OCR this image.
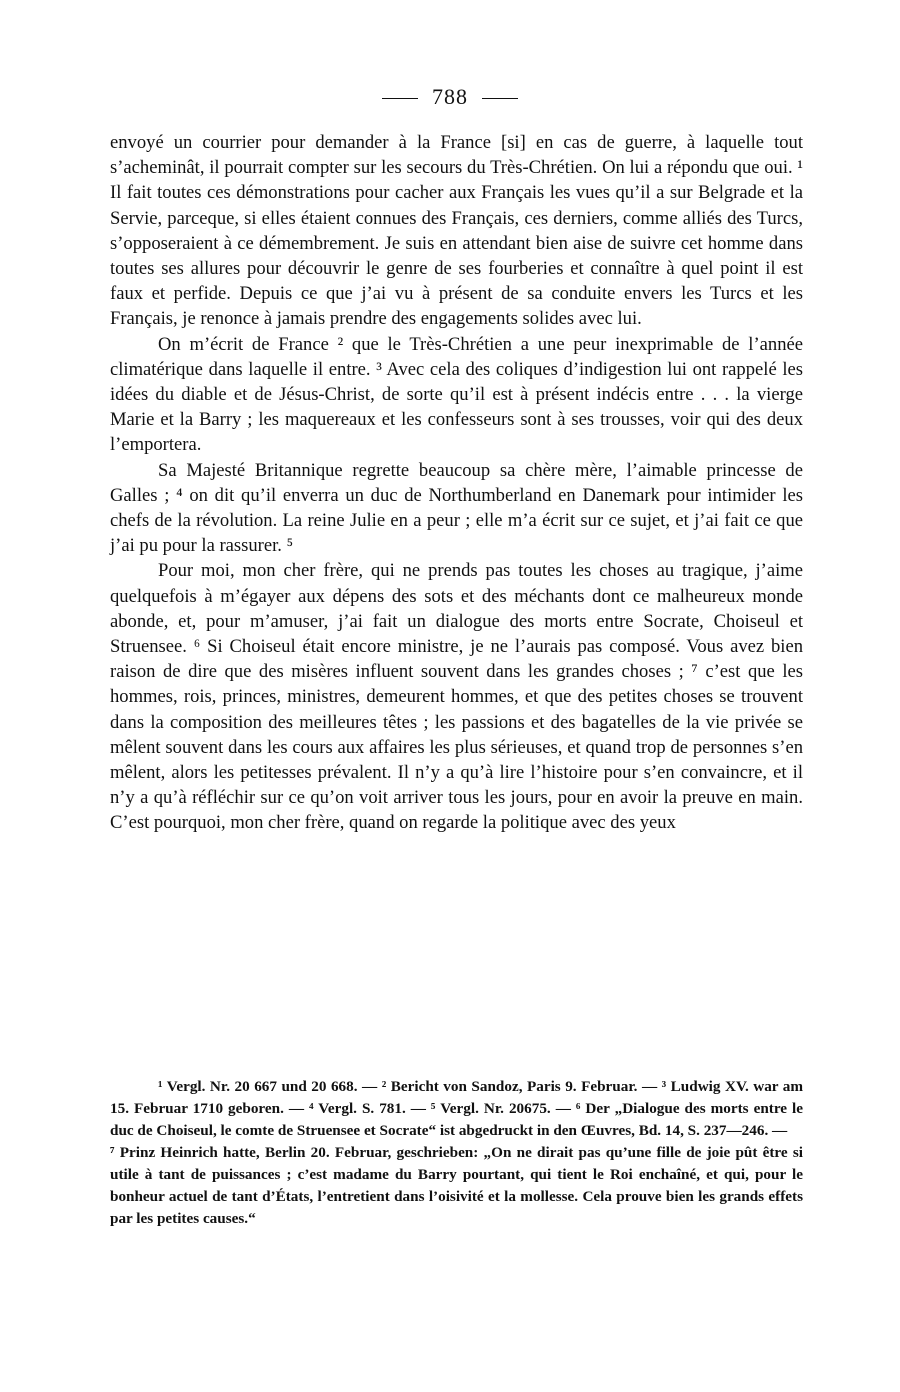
788

envoyé un courrier pour demander à la France [si] en cas de guerre, à laquelle tout s’acheminât, il pourrait compter sur les secours du Très-Chrétien. On lui a répondu que oui. ¹ Il fait toutes ces démonstrations pour cacher aux Français les vues qu’il a sur Belgrade et la Servie, parceque, si elles étaient connues des Français, ces derniers, comme alliés des Turcs, s’opposeraient à ce démembrement. Je suis en attendant bien aise de suivre cet homme dans toutes ses allures pour découvrir le genre de ses fourberies et connaître à quel point il est faux et perfide. Depuis ce que j’ai vu à présent de sa conduite envers les Turcs et les Français, je renonce à jamais prendre des engagements solides avec lui.

On m’écrit de France ² que le Très-Chrétien a une peur inexprimable de l’année climatérique dans laquelle il entre. ³ Avec cela des coliques d’indigestion lui ont rappelé les idées du diable et de Jésus-Christ, de sorte qu’il est à présent indécis entre . . . la vierge Marie et la Barry ; les maquereaux et les confesseurs sont à ses trousses, voir qui des deux l’emportera.

Sa Majesté Britannique regrette beaucoup sa chère mère, l’aimable princesse de Galles ; ⁴ on dit qu’il enverra un duc de Northumberland en Danemark pour intimider les chefs de la révolution. La reine Julie en a peur ; elle m’a écrit sur ce sujet, et j’ai fait ce que j’ai pu pour la rassurer. ⁵

Pour moi, mon cher frère, qui ne prends pas toutes les choses au tragique, j’aime quelquefois à m’égayer aux dépens des sots et des méchants dont ce malheureux monde abonde, et, pour m’amuser, j’ai fait un dialogue des morts entre Socrate, Choiseul et Struensee. ⁶ Si Choiseul était encore ministre, je ne l’aurais pas composé. Vous avez bien raison de dire que des misères influent souvent dans les grandes choses ; ⁷ c’est que les hommes, rois, princes, ministres, demeurent hommes, et que des petites choses se trouvent dans la composition des meilleures têtes ; les passions et des bagatelles de la vie privée se mêlent souvent dans les cours aux affaires les plus sérieuses, et quand trop de personnes s’en mêlent, alors les petitesses prévalent. Il n’y a qu’à lire l’histoire pour s’en convaincre, et il n’y a qu’à réfléchir sur ce qu’on voit arriver tous les jours, pour en avoir la preuve en main. C’est pourquoi, mon cher frère, quand on regarde la politique avec des yeux

¹ Vergl. Nr. 20 667 und 20 668. — ² Bericht von Sandoz, Paris 9. Februar. — ³ Ludwig XV. war am 15. Februar 1710 geboren. — ⁴ Vergl. S. 781. — ⁵ Vergl. Nr. 20675. — ⁶ Der „Dialogue des morts entre le duc de Choiseul, le comte de Struensee et Socrate“ ist abgedruckt in den Œuvres, Bd. 14, S. 237—246. —

⁷ Prinz Heinrich hatte, Berlin 20. Februar, geschrieben: „On ne dirait pas qu’une fille de joie pût être si utile à tant de puissances ; c’est madame du Barry pourtant, qui tient le Roi enchaîné, et qui, pour le bonheur actuel de tant d’États, l’entretient dans l’oisivité et la mollesse. Cela prouve bien les grands effets par les petites causes.“
